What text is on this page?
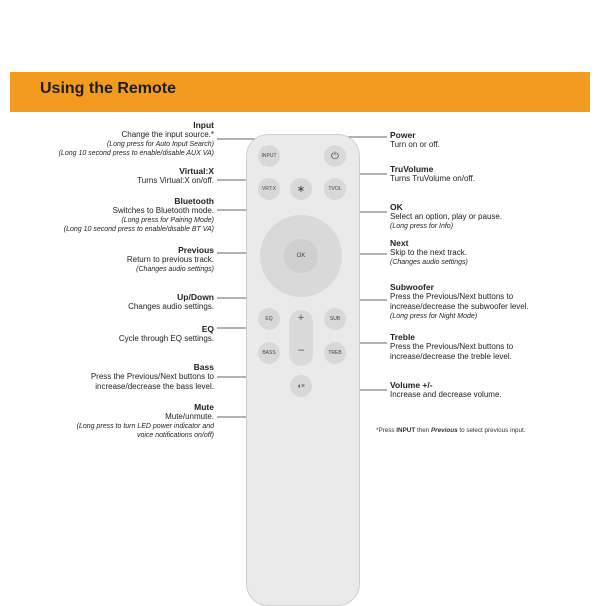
Using the Remote
INPUT	⏻
VRT:X	∗	TVOL
OK
EQ	SUB
+
–
BASS	TREB
◖×
Input
Change the input source.*
(Long press for Auto Input Search)
(Long 10 second press to enable/disable AUX VA)
Virtual:X
Turns Virtual:X on/off.
Bluetooth
Switches to Bluetooth mode.
(Long press for Pairing Mode)
(Long 10 second press to enable/disable BT VA)
Previous
Return to previous track.
(Changes audio settings)
Up/Down
Changes audio settings.
EQ
Cycle through EQ settings.
Bass
Press the Previous/Next buttons to
increase/decrease the bass level.
Mute
Mute/unmute.
(Long press to turn LED power indicator and
voice notifications on/off)
Power
Turn on or off.
TruVolume
Turns TruVolume on/off.
OK
Select an option, play or pause.
(Long press for Info)
Next
Skip to the next track.
(Changes audio settings)
Subwoofer
Press the Previous/Next buttons to
increase/decrease the subwoofer level.
(Long press for Night Mode)
Treble
Press the Previous/Next buttons to
increase/decrease the treble level.
Volume +/-
Increase and decrease volume.
*Press INPUT then Previous to select previous input.
